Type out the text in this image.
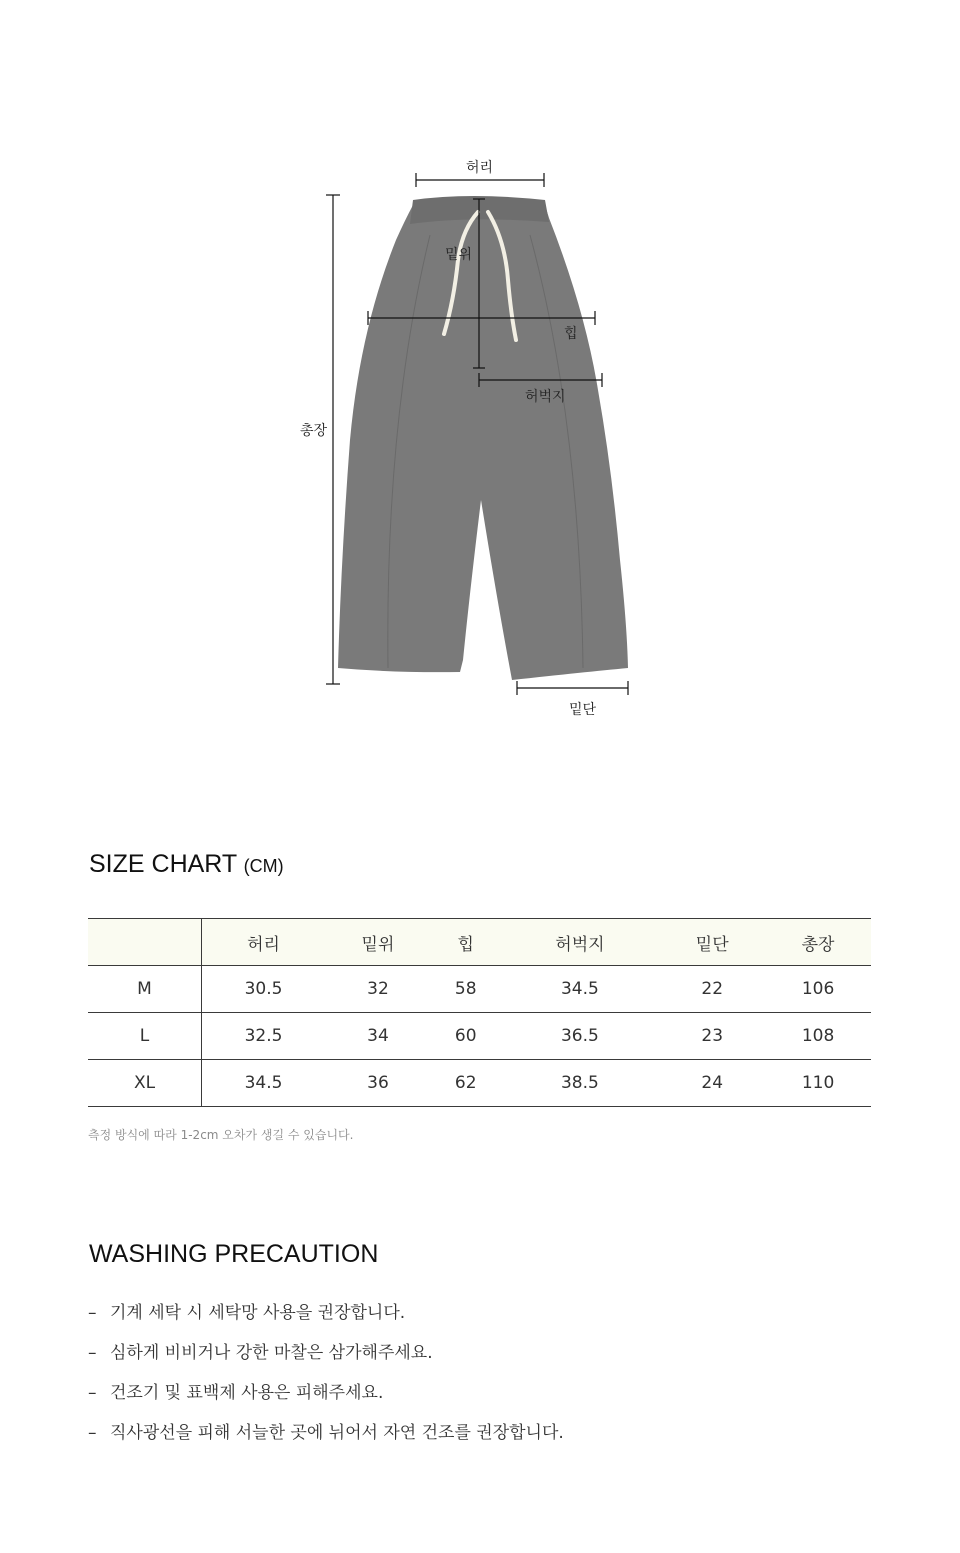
허리
밑위
힙
허벅지
밑단
총장
SIZE CHART (CM)
	허리	밑위	힙	허벅지	밑단	총장
M	30.5	32	58	34.5	22	106
L	32.5	34	60	36.5	23	108
XL	34.5	36	62	38.5	24	110
측정 방식에 따라 1-2cm 오차가 생길 수 있습니다.
WASHING PRECAUTION
– 기계 세탁 시 세탁망 사용을 권장합니다.
– 심하게 비비거나 강한 마찰은 삼가해주세요.
– 건조기 및 표백제 사용은 피해주세요.
– 직사광선을 피해 서늘한 곳에 뉘어서 자연 건조를 권장합니다.
